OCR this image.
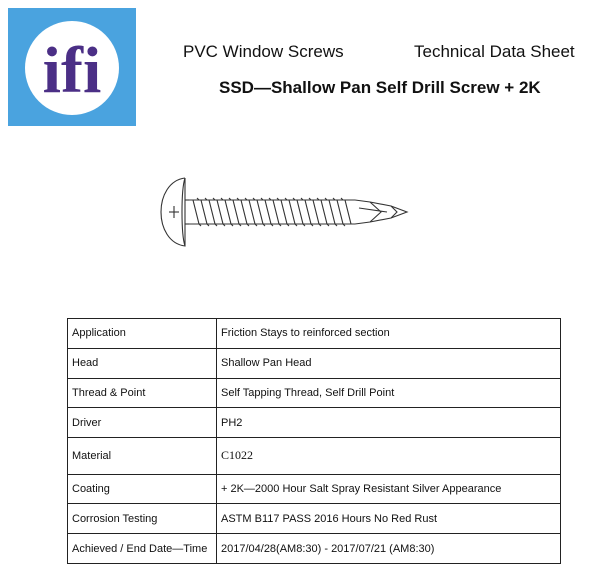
ifi	PVC Window Screws	Technical Data Sheet
SSD—Shallow Pan Self Drill Screw + 2K
Application	Friction Stays to reinforced section
Head	Shallow Pan Head
Thread & Point	Self Tapping Thread, Self Drill Point
Driver	PH2
Material	C1022
Coating	+ 2K—2000 Hour Salt Spray Resistant Silver Appearance
Corrosion Testing	ASTM B117 PASS 2016 Hours No Red Rust
Achieved / End Date—Time	2017/04/28(AM8:30) - 2017/07/21 (AM8:30)
